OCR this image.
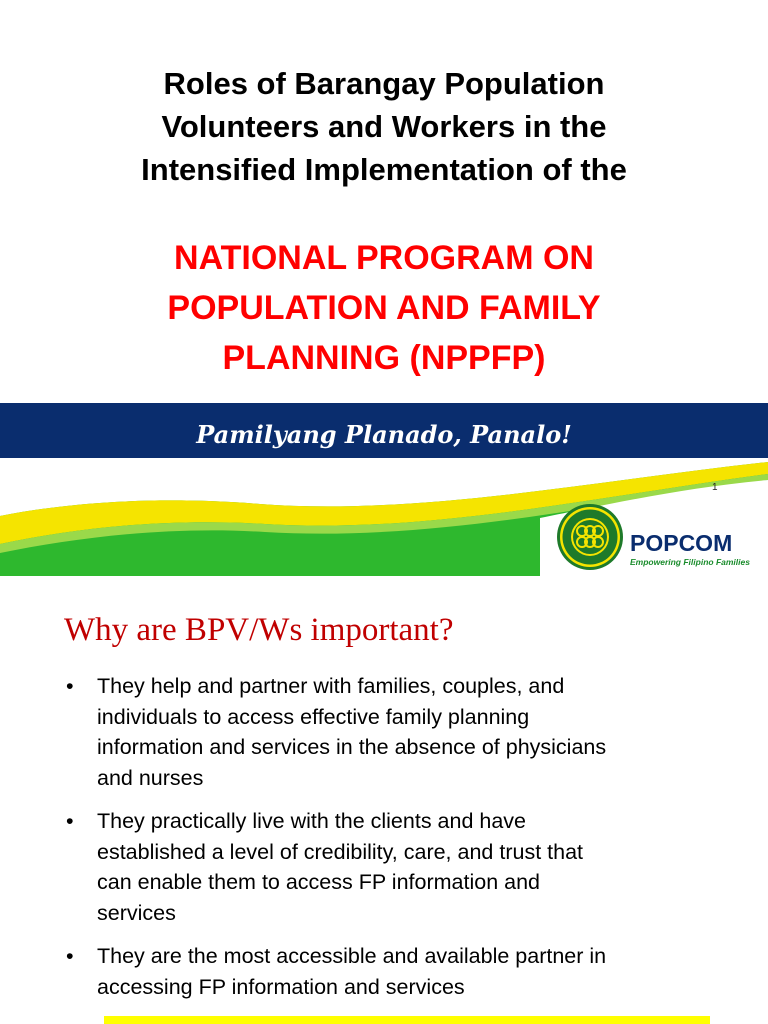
Roles of Barangay Population
Volunteers and Workers in the
Intensified Implementation of the
NATIONAL PROGRAM ON
POPULATION AND FAMILY
PLANNING (NPPFP)
Pamilyang Planado, Panalo!
1
POPCOM
Empowering Filipino Families
Why are BPV/Ws important?
• They help and partner with families, couples, and
individuals to access effective family planning
information and services in the absence of physicians
and nurses
• They practically live with the clients and have
established a level of credibility, care, and trust that
can enable them to access FP information and
services
• They are the most accessible and available partner in
accessing FP information and services
